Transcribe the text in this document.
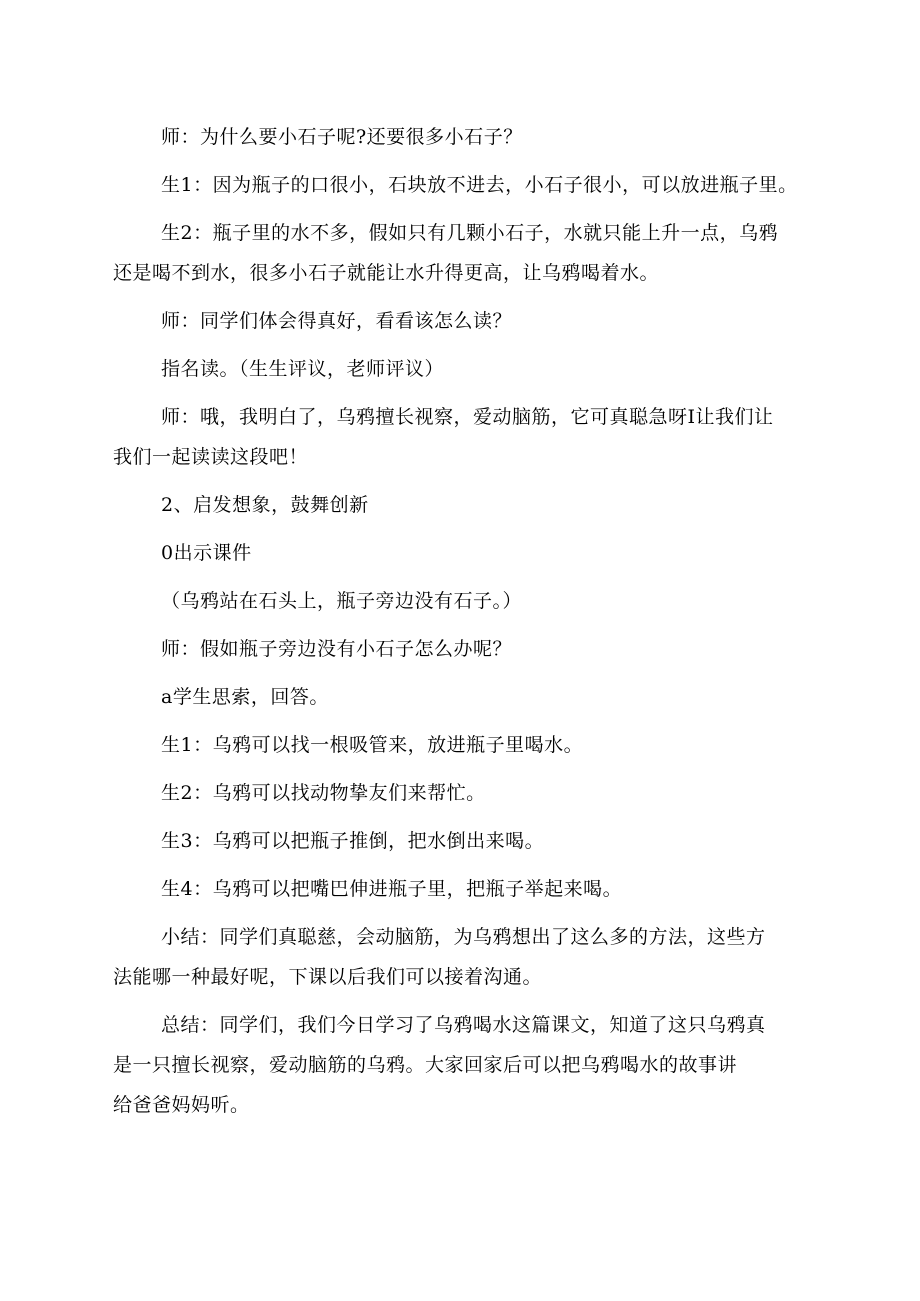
师：为什么要小石子呢?还要很多小石子？

生1：因为瓶子的口很小，石块放不进去，小石子很小，可以放进瓶子里。

生2：瓶子里的水不多，假如只有几颗小石子，水就只能上升一点，乌鸦
还是喝不到水，很多小石子就能让水升得更高，让乌鸦喝着水。

师：同学们体会得真好，看看该怎么读？

指名读。（生生评议，老师评议）

师：哦，我明白了，乌鸦擅长视察，爱动脑筋，它可真聪急呀I让我们让
我们一起读读这段吧！

2、启发想象，鼓舞创新

0出示课件

（乌鸦站在石头上，瓶子旁边没有石子。）

师：假如瓶子旁边没有小石子怎么办呢？

a学生思索，回答。

生1：乌鸦可以找一根吸管来，放进瓶子里喝水。

生2：乌鸦可以找动物挚友们来帮忙。

生3：乌鸦可以把瓶子推倒，把水倒出来喝。

生4：乌鸦可以把嘴巴伸进瓶子里，把瓶子举起来喝。

小结：同学们真聪慈，会动脑筋，为乌鸦想出了这么多的方法，这些方
法能哪一种最好呢，下课以后我们可以接着沟通。

总结：同学们，我们今日学习了乌鸦喝水这篇课文，知道了这只乌鸦真
是一只擅长视察，爱动脑筋的乌鸦。大家回家后可以把乌鸦喝水的故事讲
给爸爸妈妈听。
